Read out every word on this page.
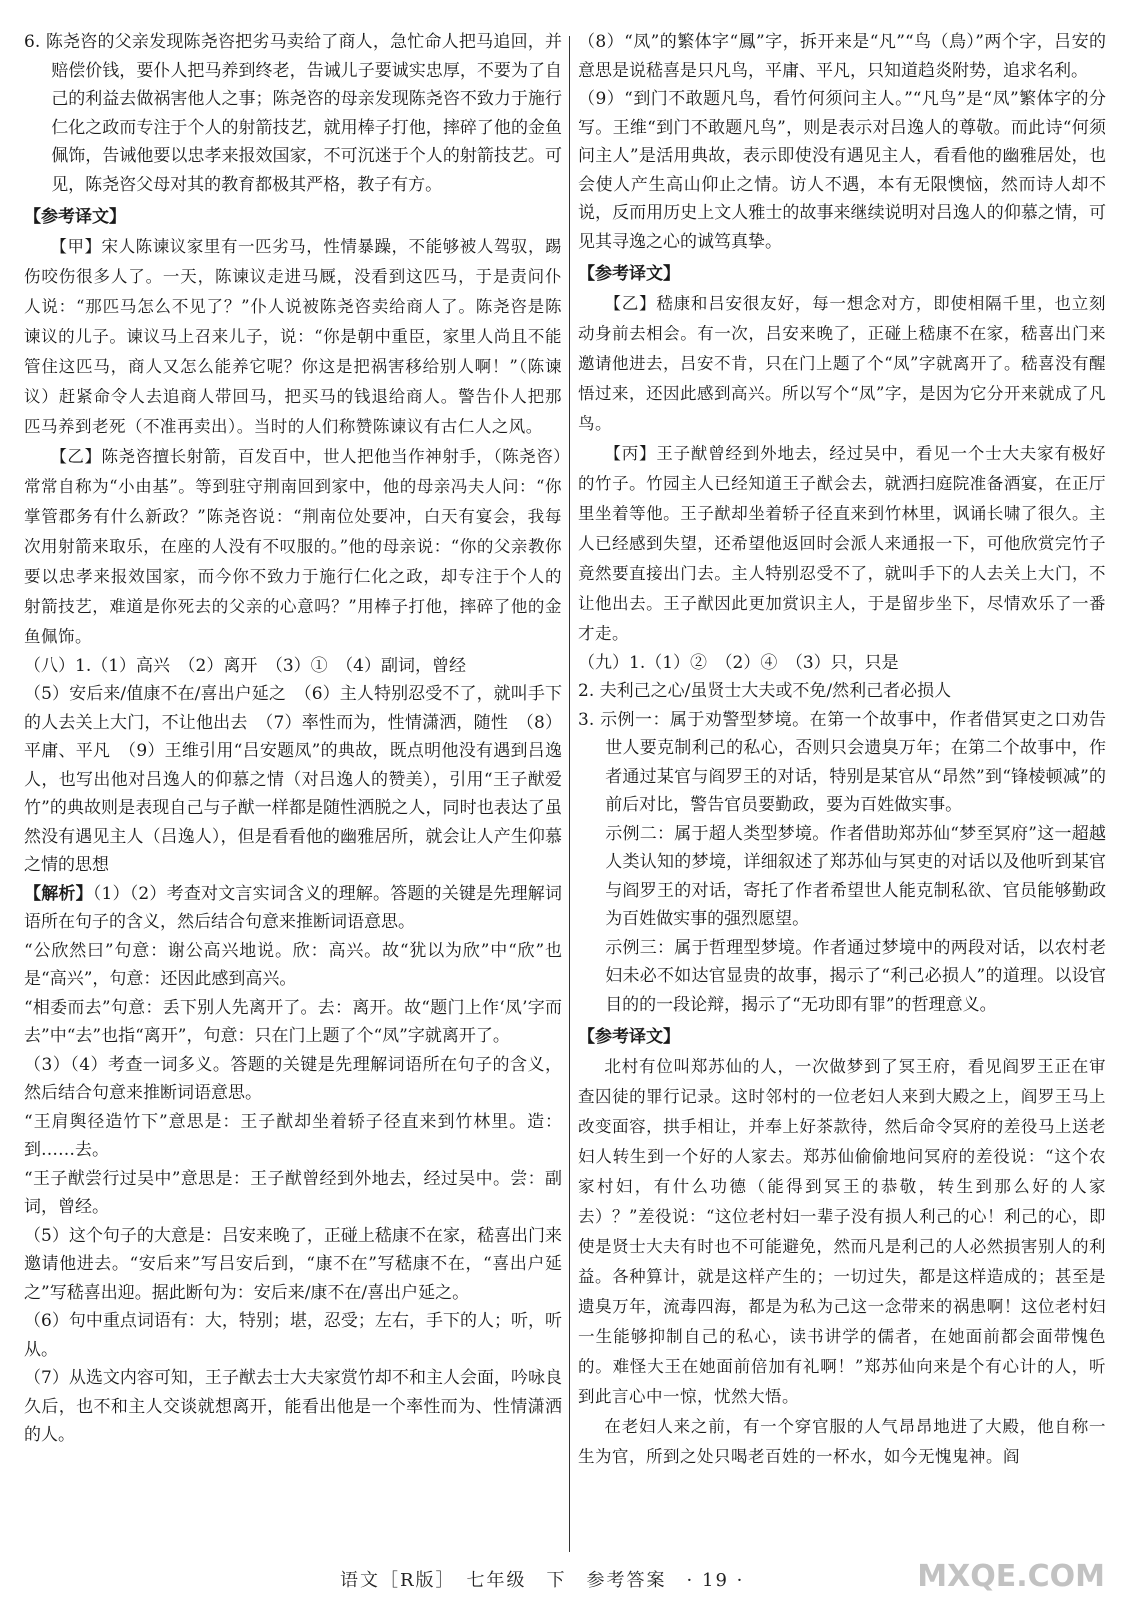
6. 陈尧咨的父亲发现陈尧咨把劣马卖给了商人，急忙命人把马追回，并赔偿价钱，要仆人把马养到终老，告诫儿子要诚实忠厚，不要为了自己的利益去做祸害他人之事；陈尧咨的母亲发现陈尧咨不致力于施行仁化之政而专注于个人的射箭技艺，就用棒子打他，摔碎了他的金鱼佩饰，告诫他要以忠孝来报效国家，不可沉迷于个人的射箭技艺。可见，陈尧咨父母对其的教育都极其严格，教子有方。

【参考译文】

【甲】宋人陈谏议家里有一匹劣马，性情暴躁，不能够被人驾驭，踢伤咬伤很多人了。一天，陈谏议走进马厩，没看到这匹马，于是责问仆人说：“那匹马怎么不见了？”仆人说被陈尧咨卖给商人了。陈尧咨是陈谏议的儿子。谏议马上召来儿子，说：“你是朝中重臣，家里人尚且不能管住这匹马，商人又怎么能养它呢？你这是把祸害移给别人啊！”（陈谏议）赶紧命令人去追商人带回马，把买马的钱退给商人。警告仆人把那匹马养到老死（不准再卖出）。当时的人们称赞陈谏议有古仁人之风。

【乙】陈尧咨擅长射箭，百发百中，世人把他当作神射手，（陈尧咨）常常自称为“小由基”。等到驻守荆南回到家中，他的母亲冯夫人问：“你掌管郡务有什么新政？”陈尧咨说：“荆南位处要冲，白天有宴会，我每次用射箭来取乐，在座的人没有不叹服的。”他的母亲说：“你的父亲教你要以忠孝来报效国家，而今你不致力于施行仁化之政，却专注于个人的射箭技艺，难道是你死去的父亲的心意吗？”用棒子打他，摔碎了他的金鱼佩饰。

（八）1.（1）高兴　（2）离开　（3）①　（4）副词，曾经

（5）安后来/值康不在/喜出户延之　（6）主人特别忍受不了，就叫手下的人去关上大门，不让他出去　（7）率性而为，性情潇洒，随性　（8）平庸、平凡　（9）王维引用“吕安题凤”的典故，既点明他没有遇到吕逸人，也写出他对吕逸人的仰慕之情（对吕逸人的赞美），引用“王子猷爱竹”的典故则是表现自己与子猷一样都是随性洒脱之人，同时也表达了虽然没有遇见主人（吕逸人），但是看看他的幽雅居所，就会让人产生仰慕之情的思想

【解析】（1）（2）考查对文言实词含义的理解。答题的关键是先理解词语所在句子的含义，然后结合句意来推断词语意思。

“公欣然曰”句意：谢公高兴地说。欣：高兴。故“犹以为欣”中“欣”也是“高兴”，句意：还因此感到高兴。

“相委而去”句意：丢下别人先离开了。去：离开。故“题门上作‘凤’字而去”中“去”也指“离开”，句意：只在门上题了个“凤”字就离开了。

（3）（4）考查一词多义。答题的关键是先理解词语所在句子的含义，然后结合句意来推断词语意思。

“王肩舆径造竹下”意思是：王子猷却坐着轿子径直来到竹林里。造：到……去。

“王子猷尝行过吴中”意思是：王子猷曾经到外地去，经过吴中。尝：副词，曾经。

（5）这个句子的大意是：吕安来晚了，正碰上嵇康不在家，嵇喜出门来邀请他进去。“安后来”写吕安后到，“康不在”写嵇康不在，“喜出户延之”写嵇喜出迎。据此断句为：安后来/康不在/喜出户延之。

（6）句中重点词语有：大，特别；堪，忍受；左右，手下的人；听，听从。

（7）从选文内容可知，王子猷去士大夫家赏竹却不和主人会面，吟咏良久后，也不和主人交谈就想离开，能看出他是一个率性而为、性情潇洒的人。

（8）“凤”的繁体字“鳳”字，拆开来是“凡”“鸟（鳥）”两个字，吕安的意思是说嵇喜是只凡鸟，平庸、平凡，只知道趋炎附势，追求名利。

（9）“到门不敢题凡鸟，看竹何须问主人。”“凡鸟”是“凤”繁体字的分写。王维“到门不敢题凡鸟”，则是表示对吕逸人的尊敬。而此诗“何须问主人”是活用典故，表示即使没有遇见主人，看看他的幽雅居处，也会使人产生高山仰止之情。访人不遇，本有无限懊恼，然而诗人却不说，反而用历史上文人雅士的故事来继续说明对吕逸人的仰慕之情，可见其寻逸之心的诚笃真挚。

【参考译文】

【乙】嵇康和吕安很友好，每一想念对方，即使相隔千里，也立刻动身前去相会。有一次，吕安来晚了，正碰上嵇康不在家，嵇喜出门来邀请他进去，吕安不肯，只在门上题了个“凤”字就离开了。嵇喜没有醒悟过来，还因此感到高兴。所以写个“凤”字，是因为它分开来就成了凡鸟。

【丙】王子猷曾经到外地去，经过吴中，看见一个士大夫家有极好的竹子。竹园主人已经知道王子猷会去，就洒扫庭院准备酒宴，在正厅里坐着等他。王子猷却坐着轿子径直来到竹林里，讽诵长啸了很久。主人已经感到失望，还希望他返回时会派人来通报一下，可他欣赏完竹子竟然要直接出门去。主人特别忍受不了，就叫手下的人去关上大门，不让他出去。王子猷因此更加赏识主人，于是留步坐下，尽情欢乐了一番才走。

（九）1.（1）②　（2）④　（3）只，只是

2. 夫利己之心/虽贤士大夫或不免/然利己者必损人

3. 示例一：属于劝警型梦境。在第一个故事中，作者借冥吏之口劝告世人要克制利己的私心，否则只会遗臭万年；在第二个故事中，作者通过某官与阎罗王的对话，特别是某官从“昂然”到“锋棱顿减”的前后对比，警告官员要勤政，要为百姓做实事。

示例二：属于超人类型梦境。作者借助郑苏仙“梦至冥府”这一超越人类认知的梦境，详细叙述了郑苏仙与冥吏的对话以及他听到某官与阎罗王的对话，寄托了作者希望世人能克制私欲、官员能够勤政为百姓做实事的强烈愿望。

示例三：属于哲理型梦境。作者通过梦境中的两段对话，以农村老妇未必不如达官显贵的故事，揭示了“利己必损人”的道理。以设官目的的一段论辩，揭示了“无功即有罪”的哲理意义。

【参考译文】

北村有位叫郑苏仙的人，一次做梦到了冥王府，看见阎罗王正在审查囚徒的罪行记录。这时邻村的一位老妇人来到大殿之上，阎罗王马上改变面容，拱手相让，并奉上好茶款待，然后命令冥府的差役马上送老妇人转生到一个好的人家去。郑苏仙偷偷地问冥府的差役说：“这个农家村妇，有什么功德（能得到冥王的恭敬，转生到那么好的人家去）？”差役说：“这位老村妇一辈子没有损人利己的心！利己的心，即使是贤士大夫有时也不可能避免，然而凡是利己的人必然损害别人的利益。各种算计，就是这样产生的；一切过失，都是这样造成的；甚至是遗臭万年，流毒四海，都是为私为己这一念带来的祸患啊！这位老村妇一生能够抑制自己的私心，读书讲学的儒者，在她面前都会面带愧色的。难怪大王在她面前倍加有礼啊！”郑苏仙向来是个有心计的人，听到此言心中一惊，忧然大悟。

在老妇人来之前，有一个穿官服的人气昂昂地进了大殿，他自称一生为官，所到之处只喝老百姓的一杯水，如今无愧鬼神。阎

语文［R版］　七年级　下　参考答案　· 19 ·	MXQE.COM
